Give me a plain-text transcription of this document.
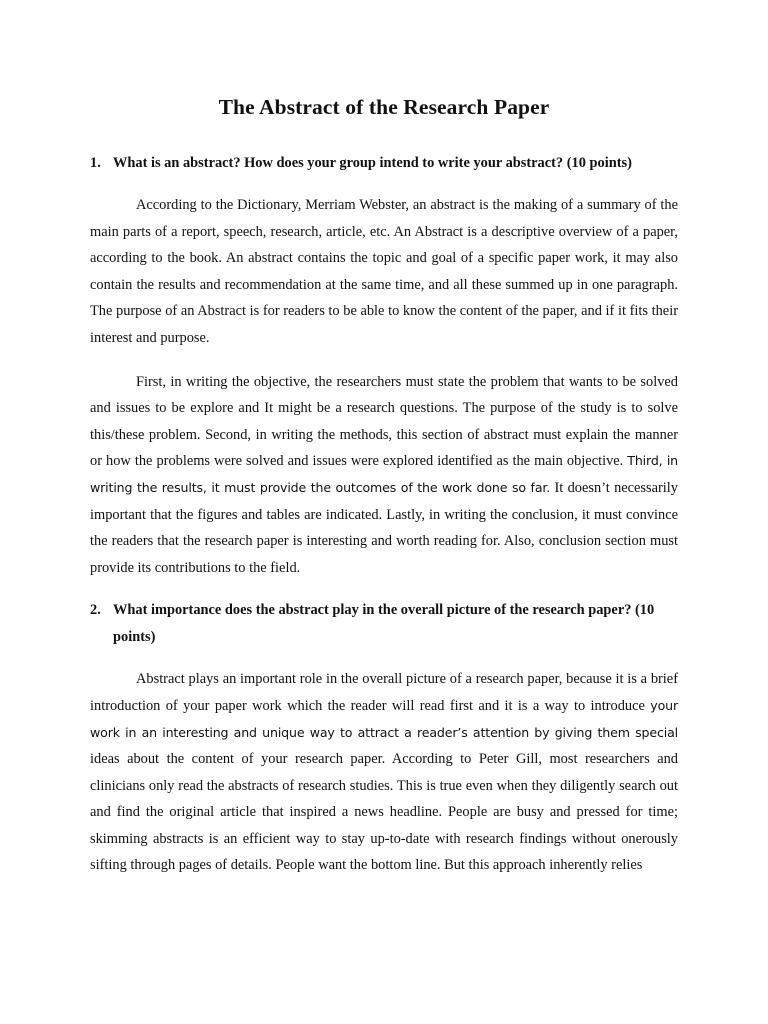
The Abstract of the Research Paper
1. What is an abstract? How does your group intend to write your abstract? (10 points)

According to the Dictionary, Merriam Webster, an abstract is the making of a summary of the main parts of a report, speech, research, article, etc. An Abstract is a descriptive overview of a paper, according to the book. An abstract contains the topic and goal of a specific paper work, it may also contain the results and recommendation at the same time, and all these summed up in one paragraph. The purpose of an Abstract is for readers to be able to know the content of the paper, and if it fits their interest and purpose.

First, in writing the objective, the researchers must state the problem that wants to be solved and issues to be explore and It might be a research questions. The purpose of the study is to solve this/these problem. Second, in writing the methods, this section of abstract must explain the manner or how the problems were solved and issues were explored identified as the main objective. Third, in writing the results, it must provide the outcomes of the work done so far. It doesn’t necessarily important that the figures and tables are indicated. Lastly, in writing the conclusion, it must convince the readers that the research paper is interesting and worth reading for. Also, conclusion section must provide its contributions to the field.

2. What importance does the abstract play in the overall picture of the research paper? (10 points)

Abstract plays an important role in the overall picture of a research paper, because it is a brief introduction of your paper work which the reader will read first and it is a way to introduce your work in an interesting and unique way to attract a reader’s attention by giving them special ideas about the content of your research paper. According to Peter Gill, most researchers and clinicians only read the abstracts of research studies. This is true even when they diligently search out and find the original article that inspired a news headline. People are busy and pressed for time; skimming abstracts is an efficient way to stay up-to-date with research findings without onerously sifting through pages of details. People want the bottom line. But this approach inherently relies
